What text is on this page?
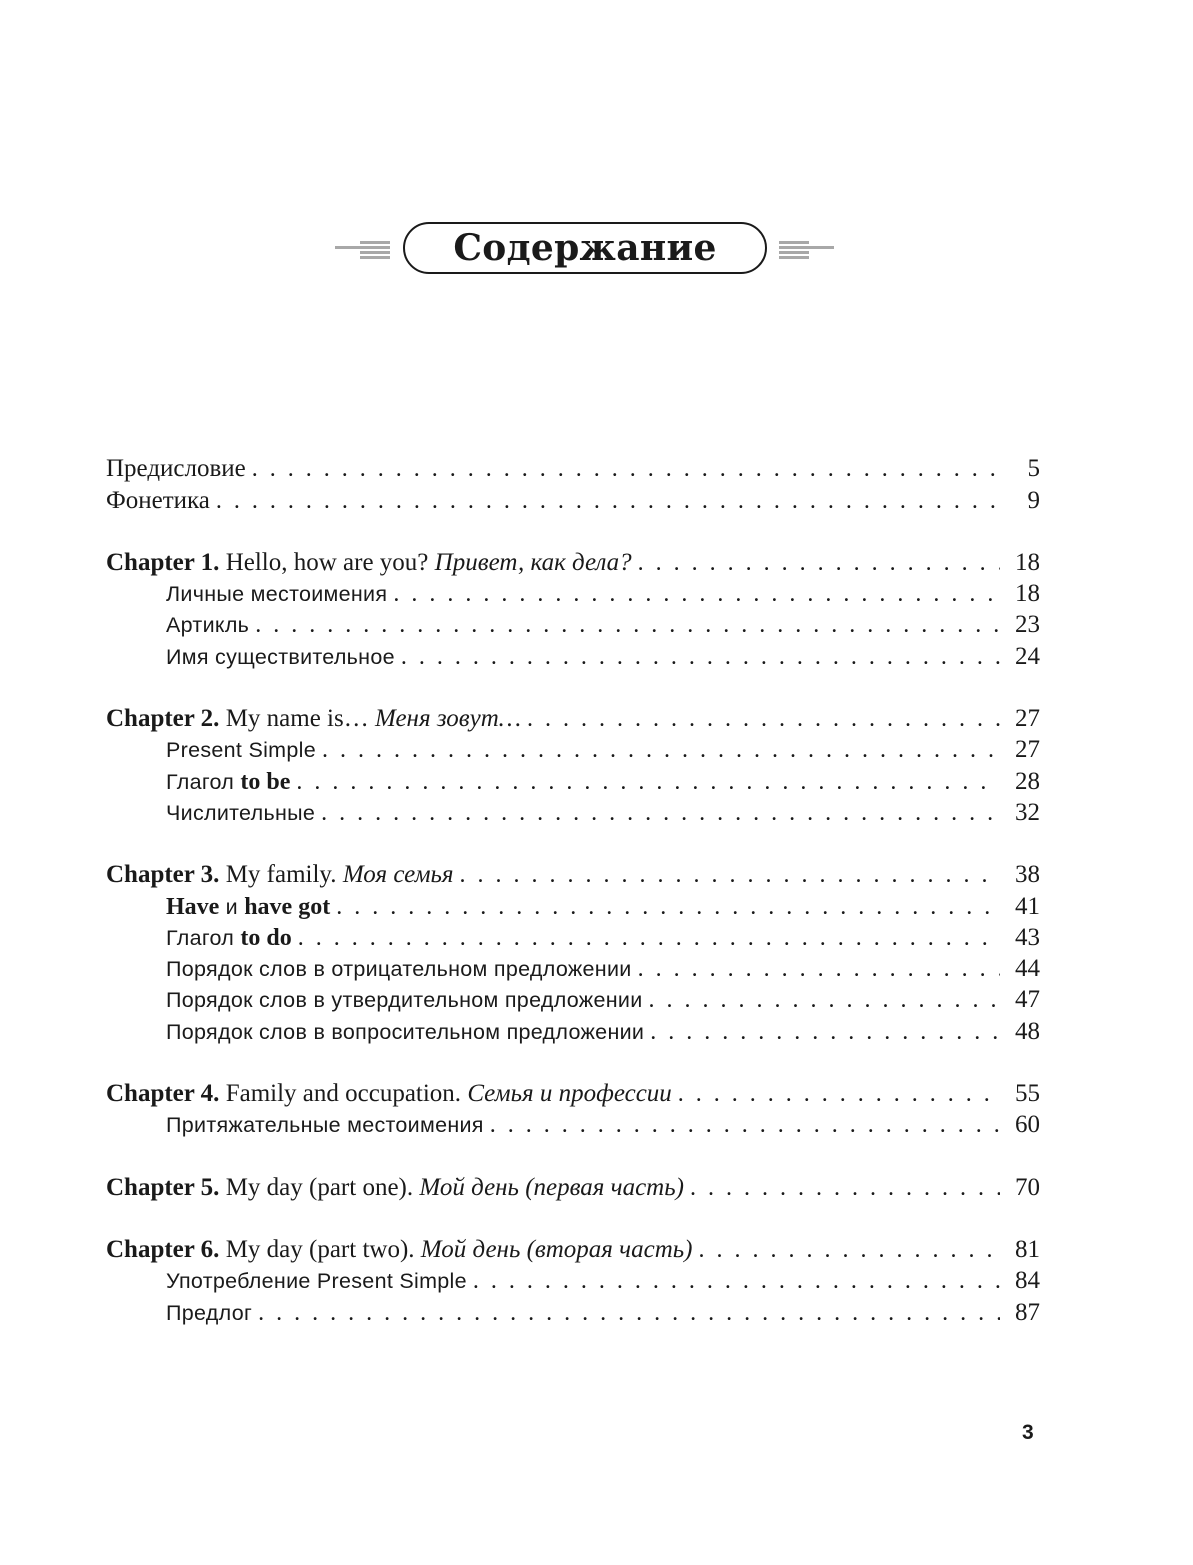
Содержание
Предисловие . . .	5
Фонетика . . .	9
Chapter 1. Hello, how are you? Привет, как дела? . . .	18
Личные местоимения . . .	18
Артикль . . .	23
Имя существительное . . .	24
Chapter 2. My name is… Меня зовут… . . .	27
Present Simple . . .	27
Глагол to be . . .	28
Числительные . . .	32
Chapter 3. My family. Моя семья . . .	38
Have и have got . . .	41
Глагол to do . . .	43
Порядок слов в отрицательном предложении . . .	44
Порядок слов в утвердительном предложении . . .	47
Порядок слов в вопросительном предложении . . .	48
Chapter 4. Family and occupation. Семья и профессии . . .	55
Притяжательные местоимения . . .	60
Chapter 5. My day (part one). Мой день (первая часть) . . .	70
Chapter 6. My day (part two). Мой день (вторая часть) . . .	81
Употребление Present Simple . . .	84
Предлог . . .	87
3
